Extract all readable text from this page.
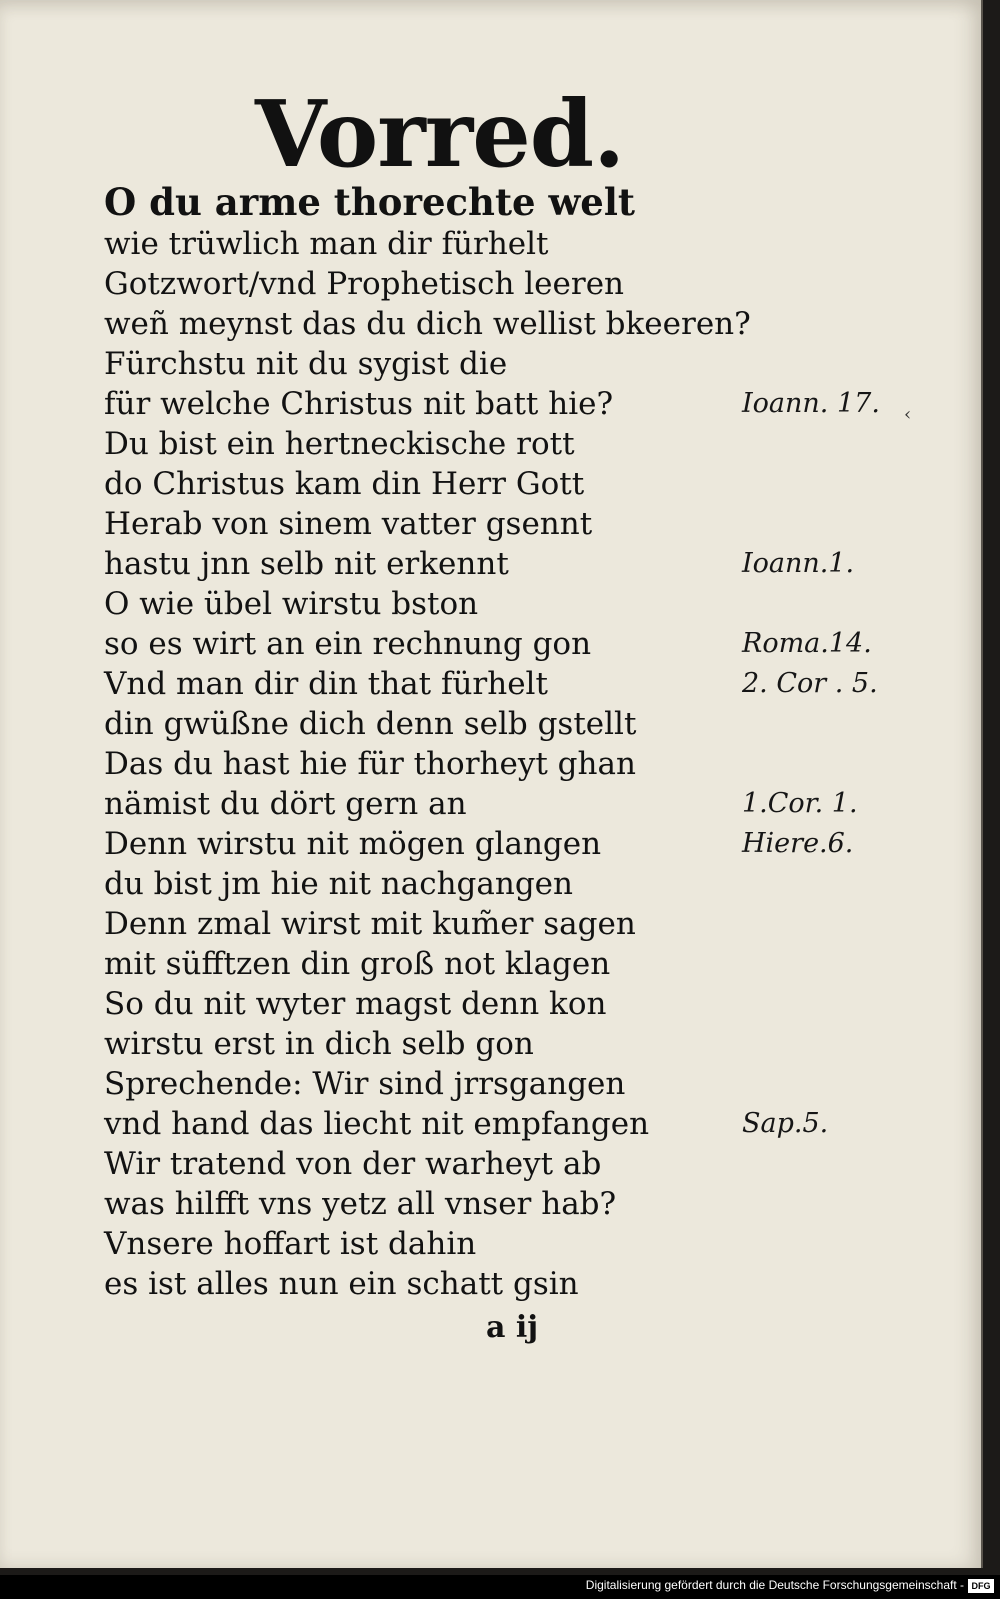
Vorred.
O du arme thorechte welt
wie trüwlich man dir fürhelt
Gotzwort/vnd Prophetisch leeren
weñ meynst das du dich wellist bkeeren?
Fürchstu nit du sygist die
für welche Christus nit batt hie?
Du bist ein hertneckische rott
do Christus kam din Herr Gott
Herab von sinem vatter gsennt
hastu jnn selb nit erkennt
O wie übel wirstu bston
so es wirt an ein rechnung gon
Vnd man dir din that fürhelt
din gwüßne dich denn selb gstellt
Das du hast hie für thorheyt ghan
nämist du dört gern an
Denn wirstu nit mögen glangen
du bist jm hie nit nachgangen
Denn zmal wirst mit kum̃er sagen
mit süfftzen din groß not klagen
So du nit wyter magst denn kon
wirstu erst in dich selb gon
Sprechende: Wir sind jrrsgangen
vnd hand das liecht nit empfangen
Wir tratend von der warheyt ab
was hilfft vns yetz all vnser hab?
Vnsere hoffart ist dahin
es ist alles nun ein schatt gsin
Ioann. 17.
Ioann.1.
Roma.14.
2. Cor . 5.
1.Cor. 1.
Hiere.6.
Sap.5.
‹
a ij
Digitalisierung gefördert durch die Deutsche Forschungsgemeinschaft - DFG
